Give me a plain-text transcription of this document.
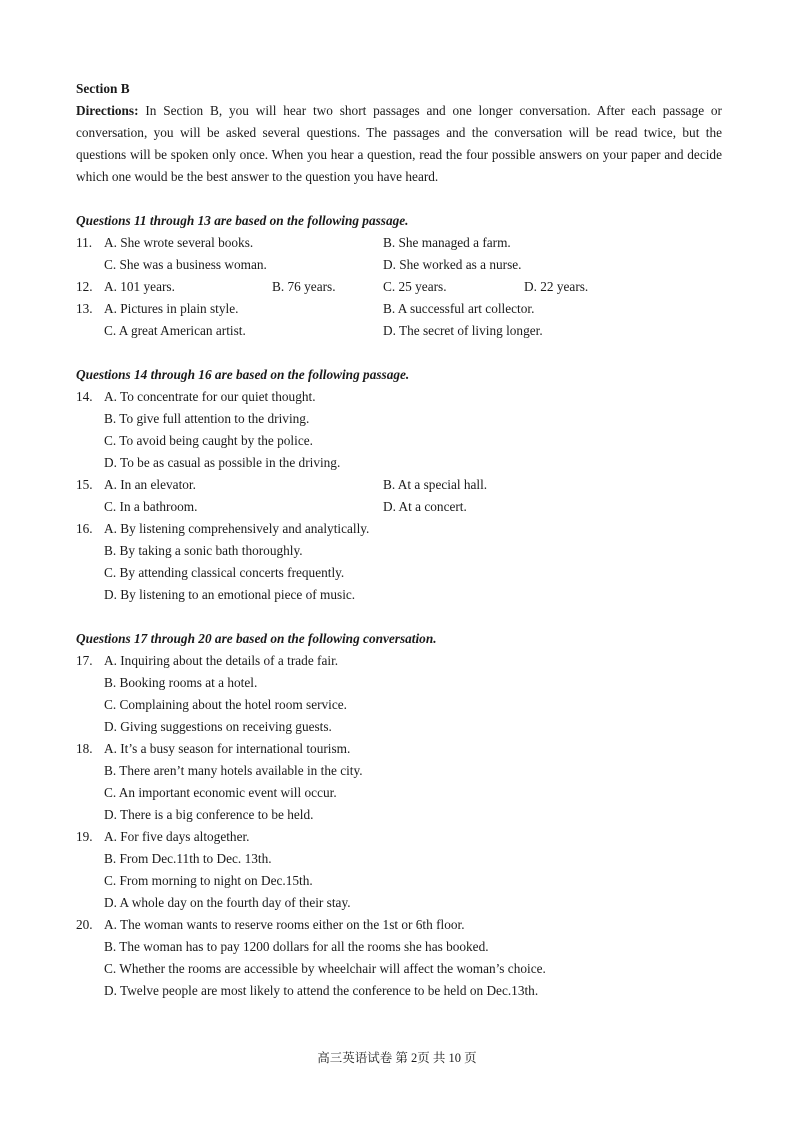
Section B

Directions: In Section B, you will hear two short passages and one longer conversation. After each passage or conversation, you will be asked several questions. The passages and the conversation will be read twice, but the questions will be spoken only once. When you hear a question, read the four possible answers on your paper and decide which one would be the best answer to the question you have heard.

Questions 11 through 13 are based on the following passage.
11. A. She wrote several books.	B. She managed a farm.
C. She was a business woman.	D. She worked as a nurse.
12. A. 101 years.	B. 76 years.	C. 25 years.	D. 22 years.
13. A. Pictures in plain style.	B. A successful art collector.
C. A great American artist.	D. The secret of living longer.
Questions 14 through 16 are based on the following passage.
14. A. To concentrate for our quiet thought.
B. To give full attention to the driving.
C. To avoid being caught by the police.
D. To be as casual as possible in the driving.
15. A. In an elevator.	B. At a special hall.
C. In a bathroom.	D. At a concert.
16. A. By listening comprehensively and analytically.
B. By taking a sonic bath thoroughly.
C. By attending classical concerts frequently.
D. By listening to an emotional piece of music.
Questions 17 through 20 are based on the following conversation.
17. A. Inquiring about the details of a trade fair.
B. Booking rooms at a hotel.
C. Complaining about the hotel room service.
D. Giving suggestions on receiving guests.
18. A. It’s a busy season for international tourism.
B. There aren’t many hotels available in the city.
C. An important economic event will occur.
D. There is a big conference to be held.
19. A. For five days altogether.
B. From Dec.11th to Dec. 13th.
C. From morning to night on Dec.15th.
D. A whole day on the fourth day of their stay.
20. A. The woman wants to reserve rooms either on the 1st or 6th floor.
B. The woman has to pay 1200 dollars for all the rooms she has booked.
C. Whether the rooms are accessible by wheelchair will affect the woman’s choice.
D. Twelve people are most likely to attend the conference to be held on Dec.13th.
高三英语试卷 第 2页 共 10 页
